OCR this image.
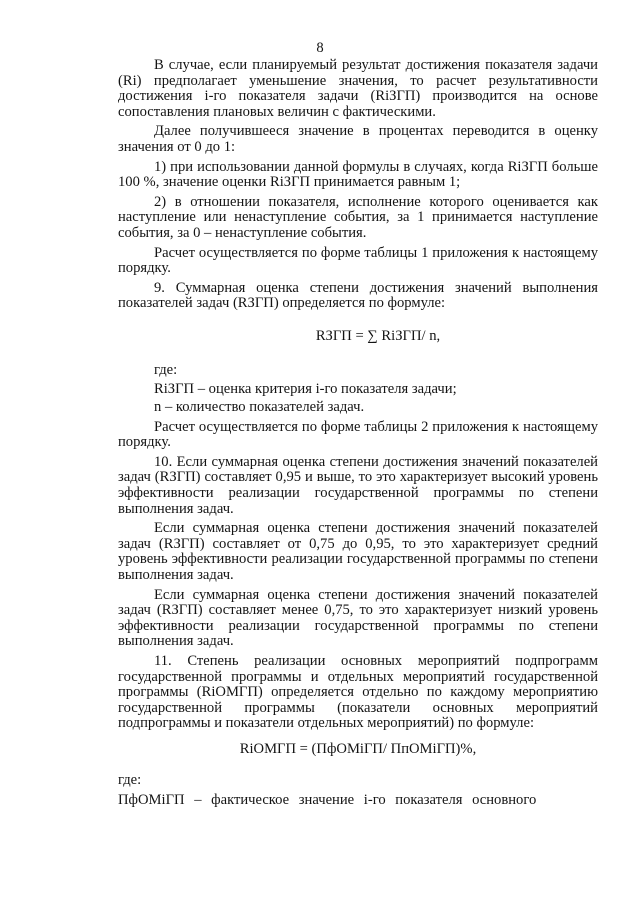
8

В случае, если планируемый результат достижения показателя задачи (Ri) предполагает уменьшение значения, то расчет результативности достижения i-го показателя задачи (RiЗГП) производится на основе сопоставления плановых величин с фактическими.

Далее получившееся значение в процентах переводится в оценку значения от 0 до 1:

1) при использовании данной формулы в случаях, когда RiЗГП больше 100 %, значение оценки RiЗГП принимается равным 1;

2) в отношении показателя, исполнение которого оценивается как наступление или ненаступление события, за 1 принимается наступление события, за 0 – ненаступление события.

Расчет осуществляется по форме таблицы 1 приложения к настоящему порядку.

9. Суммарная оценка степени достижения значений выполнения показателей задач (RЗГП) определяется по формуле:

RЗГП = ∑ RiЗГП/ n,

где:

RiЗГП – оценка критерия i-го показателя задачи;

n – количество показателей задач.

Расчет осуществляется по форме таблицы 2 приложения к настоящему порядку.

10. Если суммарная оценка степени достижения значений показателей задач (RЗГП) составляет 0,95 и выше, то это характеризует высокий уровень эффективности реализации государственной программы по степени выполнения задач.

Если суммарная оценка степени достижения значений показателей задач (RЗГП) составляет от 0,75 до 0,95, то это характеризует средний уровень эффективности реализации государственной программы по степени выполнения задач.

Если суммарная оценка степени достижения значений показателей задач (RЗГП) составляет менее 0,75, то это характеризует низкий уровень эффективности реализации государственной программы по степени выполнения задач.

11. Степень реализации основных мероприятий подпрограмм государственной программы и отдельных мероприятий государственной программы (RiОМГП) определяется отдельно по каждому мероприятию государственной программы (показатели основных мероприятий подпрограммы и показатели отдельных мероприятий) по формуле:

RiОМГП = (ПфОМiГП/ ПпОМiГП)%,

где:

ПфОМiГП – фактическое значение i-го показателя основного
